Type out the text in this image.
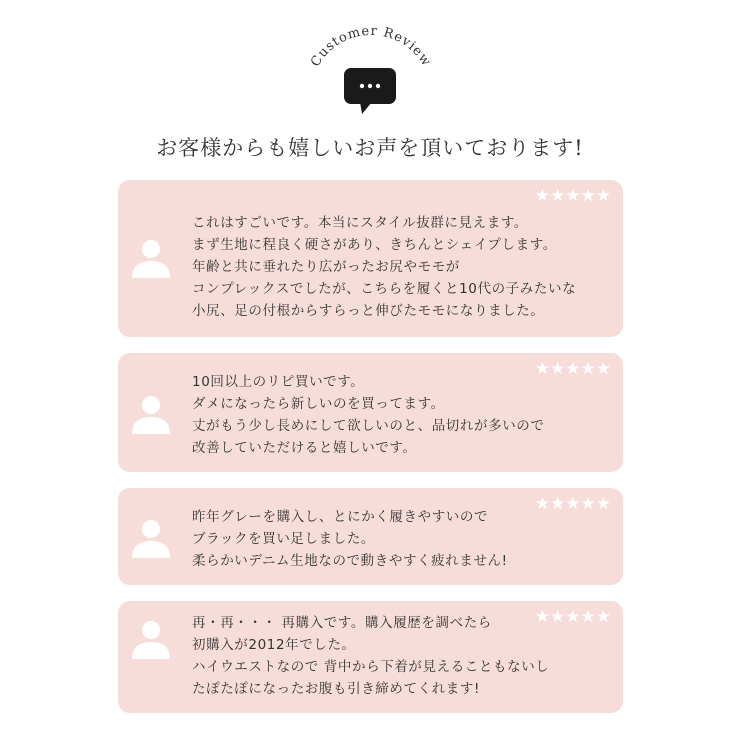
Customer Review
お客様からも嬉しいお声を頂いております!
★★★★★
これはすごいです。本当にスタイル抜群に見えます。
まず生地に程良く硬さがあり、きちんとシェイプします。
年齢と共に垂れたり広がったお尻やモモが
コンプレックスでしたが、こちらを履くと10代の子みたいな
小尻、足の付根からすらっと伸びたモモになりました。
★★★★★
10回以上のリピ買いです。
ダメになったら新しいのを買ってます。
丈がもう少し長めにして欲しいのと、品切れが多いので
改善していただけると嬉しいです。
★★★★★
昨年グレーを購入し、とにかく履きやすいので
ブラックを買い足しました。
柔らかいデニム生地なので動きやすく疲れません!
★★★★★
再・再・・・ 再購入です。購入履歴を調べたら
初購入が2012年でした。
ハイウエストなので 背中から下着が見えることもないし
たぽたぽになったお腹も引き締めてくれます!
